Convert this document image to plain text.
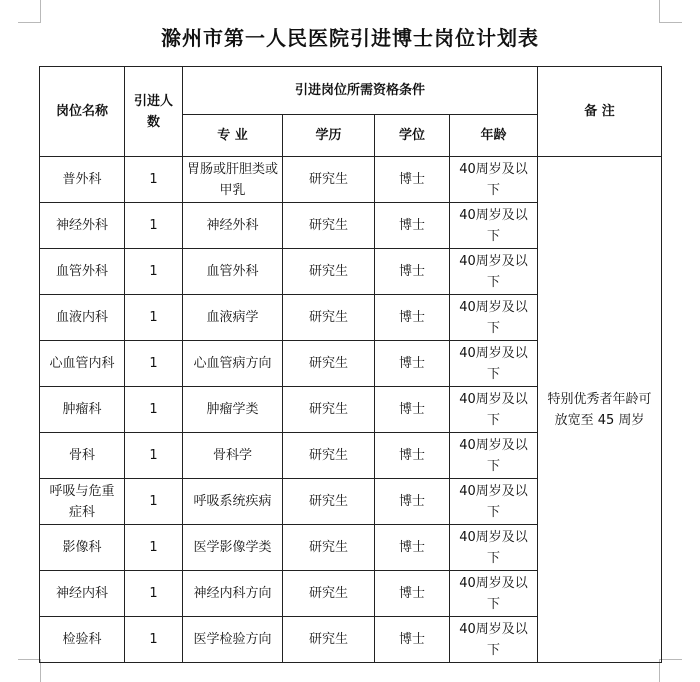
滁州市第一人民医院引进博士岗位计划表
岗位名称	引进人数	引进岗位所需资格条件				备 注
		专 业	学历	学位	年龄	
普外科	1	胃肠或肝胆类或甲乳	研究生	博士	40周岁及以下	特别优秀者年龄可放宽至 45 周岁
神经外科	1	神经外科	研究生	博士	40周岁及以下	
血管外科	1	血管外科	研究生	博士	40周岁及以下	
血液内科	1	血液病学	研究生	博士	40周岁及以下	
心血管内科	1	心血管病方向	研究生	博士	40周岁及以下	
肿瘤科	1	肿瘤学类	研究生	博士	40周岁及以下	
骨科	1	骨科学	研究生	博士	40周岁及以下	
呼吸与危重症科	1	呼吸系统疾病	研究生	博士	40周岁及以下	
影像科	1	医学影像学类	研究生	博士	40周岁及以下	
神经内科	1	神经内科方向	研究生	博士	40周岁及以下	
检验科	1	医学检验方向	研究生	博士	40周岁及以下	
